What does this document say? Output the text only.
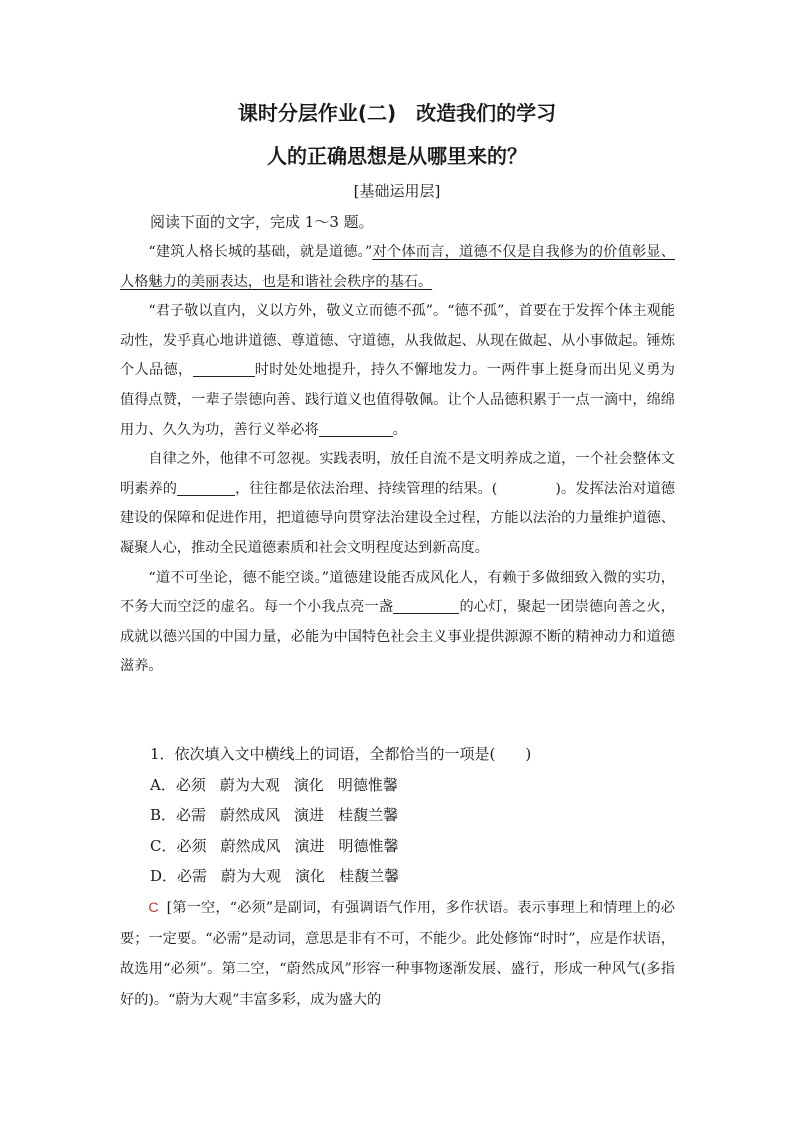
课时分层作业(二)　改造我们的学习
人的正确思想是从哪里来的？
[基础运用层]

阅读下面的文字，完成 1～3 题。

“建筑人格长城的基础，就是道德。”对个体而言，道德不仅是自我修为的价值彰显、人格魅力的美丽表达，也是和谐社会秩序的基石。

“君子敬以直内，义以方外，敬义立而德不孤”。“德不孤”，首要在于发挥个体主观能动性，发乎真心地讲道德、尊道德、守道德，从我做起、从现在做起、从小事做起。锤炼个人品德，	时时处处地提升，持久不懈地发力。一两件事上挺身而出见义勇为值得点赞，一辈子崇德向善、践行道义也值得敬佩。让个人品德积累于一点一滴中，绵绵用力、久久为功，善行义举必将	。

自律之外，他律不可忽视。实践表明，放任自流不是文明养成之道，一个社会整体文明素养的	，往往都是依法治理、持续管理的结果。(	)。发挥法治对道德建设的保障和促进作用，把道德导向贯穿法治建设全过程，方能以法治的力量维护道德、凝聚人心，推动全民道德素质和社会文明程度达到新高度。

“道不可坐论，德不能空谈。”道德建设能否成风化人，有赖于多做细致入微的实功，不务大而空泛的虚名。每一个小我点亮一盏	的心灯，聚起一团崇德向善之火，成就以德兴国的中国力量，必能为中国特色社会主义事业提供源源不断的精神动力和道德滋养。

1．依次填入文中横线上的词语，全都恰当的一项是(　　)

A．必须 蔚为大观 演化 明德惟馨

B．必需 蔚然成风 演进 桂馥兰馨

C．必须 蔚然成风 演进 明德惟馨

D．必需 蔚为大观 演化 桂馥兰馨

C [第一空，“必须”是副词，有强调语气作用，多作状语。表示事理上和情理上的必要；一定要。“必需”是动词，意思是非有不可，不能少。此处修饰“时时”，应是作状语，故选用“必须”。第二空，“蔚然成风”形容一种事物逐渐发展、盛行，形成一种风气(多指好的)。“蔚为大观”丰富多彩，成为盛大的
